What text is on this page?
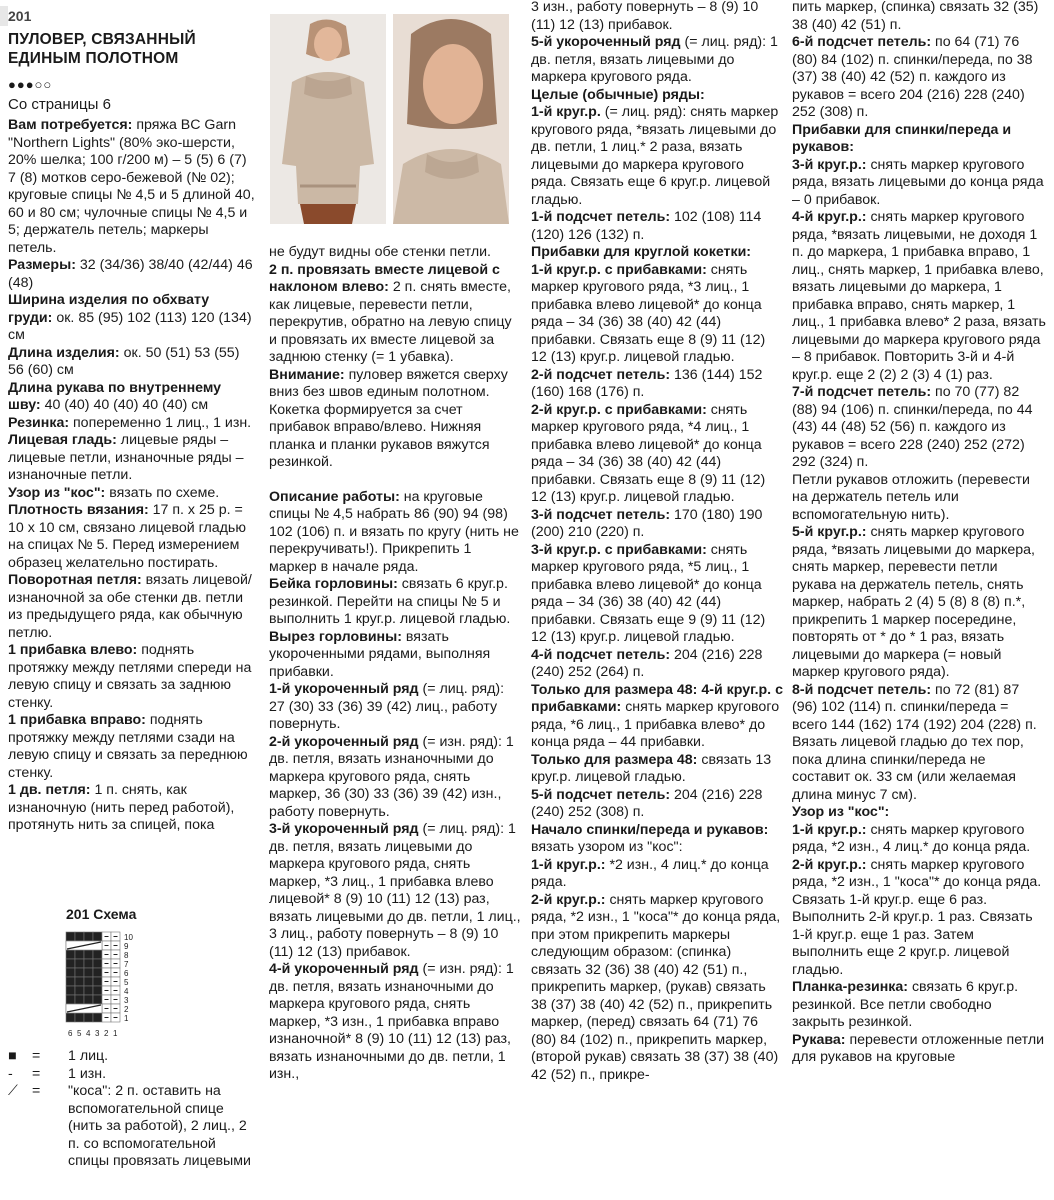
201
ПУЛОВЕР, СВЯЗАННЫЙ ЕДИНЫМ ПОЛОТНОМ
●●●○○
Со страницы 6

Вам потребуется: пряжа BC Garn "Northern Lights" (80% эко-шерсти, 20% шелка; 100 г/200 м) – 5 (5) 6 (7) 7 (8) мотков серо-бежевой (№ 02); круговые спицы № 4,5 и 5 длиной 40, 60 и 80 см; чулочные спицы № 4,5 и 5; держатель петель; маркеры петель.

Размеры: 32 (34/36) 38/40 (42/44) 46 (48)

Ширина изделия по обхвату груди: ок. 85 (95) 102 (113) 120 (134) см

Длина изделия: ок. 50 (51) 53 (55) 56 (60) см

Длина рукава по внутреннему шву: 40 (40) 40 (40) 40 (40) см

Резинка: попеременно 1 лиц., 1 изн.

Лицевая гладь: лицевые ряды – лицевые петли, изнаночные ряды – изнаночные петли.

Узор из "кос": вязать по схеме.

Плотность вязания: 17 п. x 25 р. = 10 x 10 см, связано лицевой гладью на спицах № 5. Перед измерением образец желательно постирать.

Поворотная петля: вязать лицевой/изнаночной за обе стенки дв. петли из предыдущего ряда, как обычную петлю.

1 прибавка влево: поднять протяжку между петлями спереди на левую спицу и связать за заднюю стенку.

1 прибавка вправо: поднять протяжку между петлями сзади на левую спицу и связать за переднюю стенку.

1 дв. петля: 1 п. снять, как изнаночную (нить перед работой), протянуть нить за спицей, пока

201 Схема
10
9
8
7
6
5
4
3
2
1
6 5 4 3 2 1
■	=	1 лиц.
-	=	1 изн.
⟋ =	"коса": 2 п. оставить на вспомогательной спице (нить за работой), 2 лиц., 2 п. со вспомогательной спицы провязать лицевыми

не будут видны обе стенки петли.

2 п. провязать вместе лицевой с наклоном влево: 2 п. снять вместе, как лицевые, перевести петли, перекрутив, обратно на левую спицу и провязать их вместе лицевой за заднюю стенку (= 1 убавка).

Внимание: пуловер вяжется сверху вниз без швов единым полотном. Кокетка формируется за счет прибавок вправо/влево. Нижняя планка и планки рукавов вяжутся резинкой.

Описание работы: на круговые спицы № 4,5 набрать 86 (90) 94 (98) 102 (106) п. и вязать по кругу (нить не перекручивать!). Прикрепить 1 маркер в начале ряда.

Бейка горловины: связать 6 круг.р. резинкой. Перейти на спицы № 5 и выполнить 1 круг.р. лицевой гладью.

Вырез горловины: вязать укороченными рядами, выполняя прибавки.

1-й укороченный ряд (= лиц. ряд): 27 (30) 33 (36) 39 (42) лиц., работу повернуть.

2-й укороченный ряд (= изн. ряд): 1 дв. петля, вязать изнаночными до маркера кругового ряда, снять маркер, 36 (30) 33 (36) 39 (42) изн., работу повернуть.

3-й укороченный ряд (= лиц. ряд): 1 дв. петля, вязать лицевыми до маркера кругового ряда, снять маркер, *3 лиц., 1 прибавка влево лицевой* 8 (9) 10 (11) 12 (13) раз, вязать лицевыми до дв. петли, 1 лиц., 3 лиц., работу повернуть – 8 (9) 10 (11) 12 (13) прибавок.

4-й укороченный ряд (= изн. ряд): 1 дв. петля, вязать изнаночными до маркера кругового ряда, снять маркер, *3 изн., 1 прибавка вправо изнаночной* 8 (9) 10 (11) 12 (13) раз, вязать изнаночными до дв. петли, 1 изн.,

3 изн., работу повернуть – 8 (9) 10 (11) 12 (13) прибавок.

5-й укороченный ряд (= лиц. ряд): 1 дв. петля, вязать лицевыми до маркера кругового ряда.

Целые (обычные) ряды:

1-й круг.р. (= лиц. ряд): снять маркер кругового ряда, *вязать лицевыми до дв. петли, 1 лиц.* 2 раза, вязать лицевыми до маркера кругового ряда. Связать еще 6 круг.р. лицевой гладью.

1-й подсчет петель: 102 (108) 114 (120) 126 (132) п.

Прибавки для круглой кокетки:

1-й круг.р. с прибавками: снять маркер кругового ряда, *3 лиц., 1 прибавка влево лицевой* до конца ряда – 34 (36) 38 (40) 42 (44) прибавки. Связать еще 8 (9) 11 (12) 12 (13) круг.р. лицевой гладью.

2-й подсчет петель: 136 (144) 152 (160) 168 (176) п.

2-й круг.р. с прибавками: снять маркер кругового ряда, *4 лиц., 1 прибавка влево лицевой* до конца ряда – 34 (36) 38 (40) 42 (44) прибавки. Связать еще 8 (9) 11 (12) 12 (13) круг.р. лицевой гладью.

3-й подсчет петель: 170 (180) 190 (200) 210 (220) п.

3-й круг.р. с прибавками: снять маркер кругового ряда, *5 лиц., 1 прибавка влево лицевой* до конца ряда – 34 (36) 38 (40) 42 (44) прибавки. Связать еще 9 (9) 11 (12) 12 (13) круг.р. лицевой гладью.

4-й подсчет петель: 204 (216) 228 (240) 252 (264) п.

Только для размера 48: 4-й круг.р. с прибавками: снять маркер кругового ряда, *6 лиц., 1 прибавка влево* до конца ряда – 44 прибавки.

Только для размера 48: связать 13 круг.р. лицевой гладью.

5-й подсчет петель: 204 (216) 228 (240) 252 (308) п.

Начало спинки/переда и рукавов: вязать узором из "кос":

1-й круг.р.: *2 изн., 4 лиц.* до конца ряда.

2-й круг.р.: снять маркер кругового ряда, *2 изн., 1 "коса"* до конца ряда, при этом прикрепить маркеры следующим образом: (спинка) связать 32 (36) 38 (40) 42 (51) п., прикрепить маркер, (рукав) связать 38 (37) 38 (40) 42 (52) п., прикрепить маркер, (перед) связать 64 (71) 76 (80) 84 (102) п., прикрепить маркер, (второй рукав) связать 38 (37) 38 (40) 42 (52) п., прикре-

пить маркер, (спинка) связать 32 (35) 38 (40) 42 (51) п.

6-й подсчет петель: по 64 (71) 76 (80) 84 (102) п. спинки/переда, по 38 (37) 38 (40) 42 (52) п. каждого из рукавов = всего 204 (216) 228 (240) 252 (308) п.

Прибавки для спинки/переда и рукавов:

3-й круг.р.: снять маркер кругового ряда, вязать лицевыми до конца ряда – 0 прибавок.

4-й круг.р.: снять маркер кругового ряда, *вязать лицевыми, не доходя 1 п. до маркера, 1 прибавка вправо, 1 лиц., снять маркер, 1 прибавка влево, вязать лицевыми до маркера, 1 прибавка вправо, снять маркер, 1 лиц., 1 прибавка влево* 2 раза, вязать лицевыми до маркера кругового ряда – 8 прибавок. Повторить 3-й и 4-й круг.р. еще 2 (2) 2 (3) 4 (1) раз.

7-й подсчет петель: по 70 (77) 82 (88) 94 (106) п. спинки/переда, по 44 (43) 44 (48) 52 (56) п. каждого из рукавов = всего 228 (240) 252 (272) 292 (324) п.

Петли рукавов отложить (перевести на держатель петель или вспомогательную нить).

5-й круг.р.: снять маркер кругового ряда, *вязать лицевыми до маркера, снять маркер, перевести петли рукава на держатель петель, снять маркер, набрать 2 (4) 5 (8) 8 (8) п.*, прикрепить 1 маркер посередине, повторять от * до * 1 раз, вязать лицевыми до маркера (= новый маркер кругового ряда).

8-й подсчет петель: по 72 (81) 87 (96) 102 (114) п. спинки/переда = всего 144 (162) 174 (192) 204 (228) п. Вязать лицевой гладью до тех пор, пока длина спинки/переда не составит ок. 33 см (или желаемая длина минус 7 см).

Узор из "кос":

1-й круг.р.: снять маркер кругового ряда, *2 изн., 4 лиц.* до конца ряда.

2-й круг.р.: снять маркер кругового ряда, *2 изн., 1 "коса"* до конца ряда.

Связать 1-й круг.р. еще 6 раз. Выполнить 2-й круг.р. 1 раз. Связать 1-й круг.р. еще 1 раз. Затем выполнить еще 2 круг.р. лицевой гладью.

Планка-резинка: связать 6 круг.р. резинкой. Все петли свободно закрыть резинкой.

Рукава: перевести отложенные петли для рукавов на круговые
